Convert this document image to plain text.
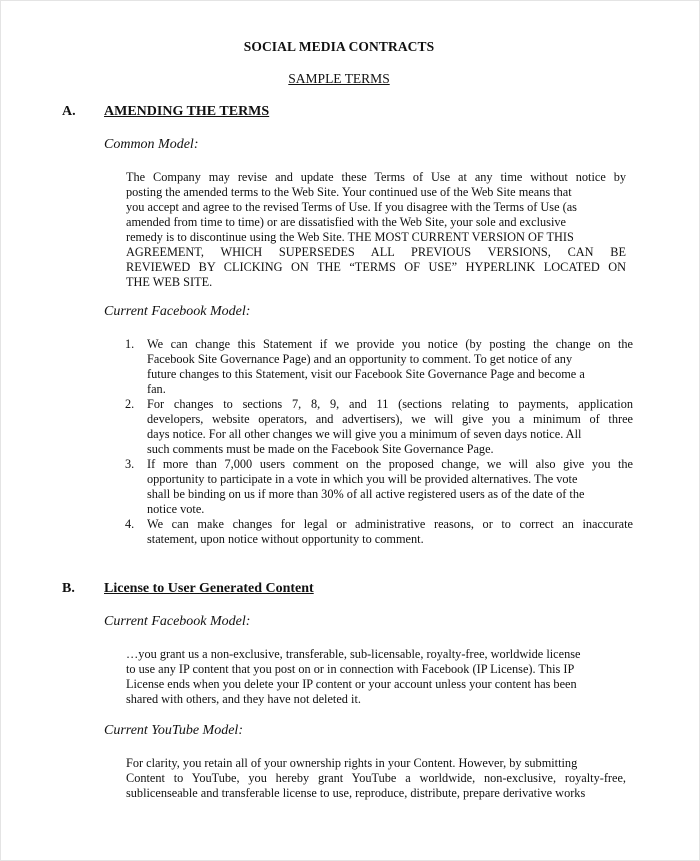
SOCIAL MEDIA CONTRACTS
SAMPLE TERMS
A. AMENDING THE TERMS
Common Model:
The Company may revise and update these Terms of Use at any time without notice by
posting the amended terms to the Web Site. Your continued use of the Web Site means that
you accept and agree to the revised Terms of Use. If you disagree with the Terms of Use (as
amended from time to time) or are dissatisfied with the Web Site, your sole and exclusive
remedy is to discontinue using the Web Site. THE MOST CURRENT VERSION OF THIS
AGREEMENT, WHICH SUPERSEDES ALL PREVIOUS VERSIONS, CAN BE
REVIEWED BY CLICKING ON THE “TERMS OF USE” HYPERLINK LOCATED ON
THE WEB SITE.
Current Facebook Model:
1. We can change this Statement if we provide you notice (by posting the change on the
Facebook Site Governance Page) and an opportunity to comment. To get notice of any
future changes to this Statement, visit our Facebook Site Governance Page and become a
fan.
2. For changes to sections 7, 8, 9, and 11 (sections relating to payments, application
developers, website operators, and advertisers), we will give you a minimum of three
days notice. For all other changes we will give you a minimum of seven days notice. All
such comments must be made on the Facebook Site Governance Page.
3. If more than 7,000 users comment on the proposed change, we will also give you the
opportunity to participate in a vote in which you will be provided alternatives. The vote
shall be binding on us if more than 30% of all active registered users as of the date of the
notice vote.
4. We can make changes for legal or administrative reasons, or to correct an inaccurate
statement, upon notice without opportunity to comment.
B. License to User Generated Content
Current Facebook Model:
…you grant us a non-exclusive, transferable, sub-licensable, royalty-free, worldwide license
to use any IP content that you post on or in connection with Facebook (IP License). This IP
License ends when you delete your IP content or your account unless your content has been
shared with others, and they have not deleted it.
Current YouTube Model:
For clarity, you retain all of your ownership rights in your Content. However, by submitting
Content to YouTube, you hereby grant YouTube a worldwide, non-exclusive, royalty-free,
sublicenseable and transferable license to use, reproduce, distribute, prepare derivative works
